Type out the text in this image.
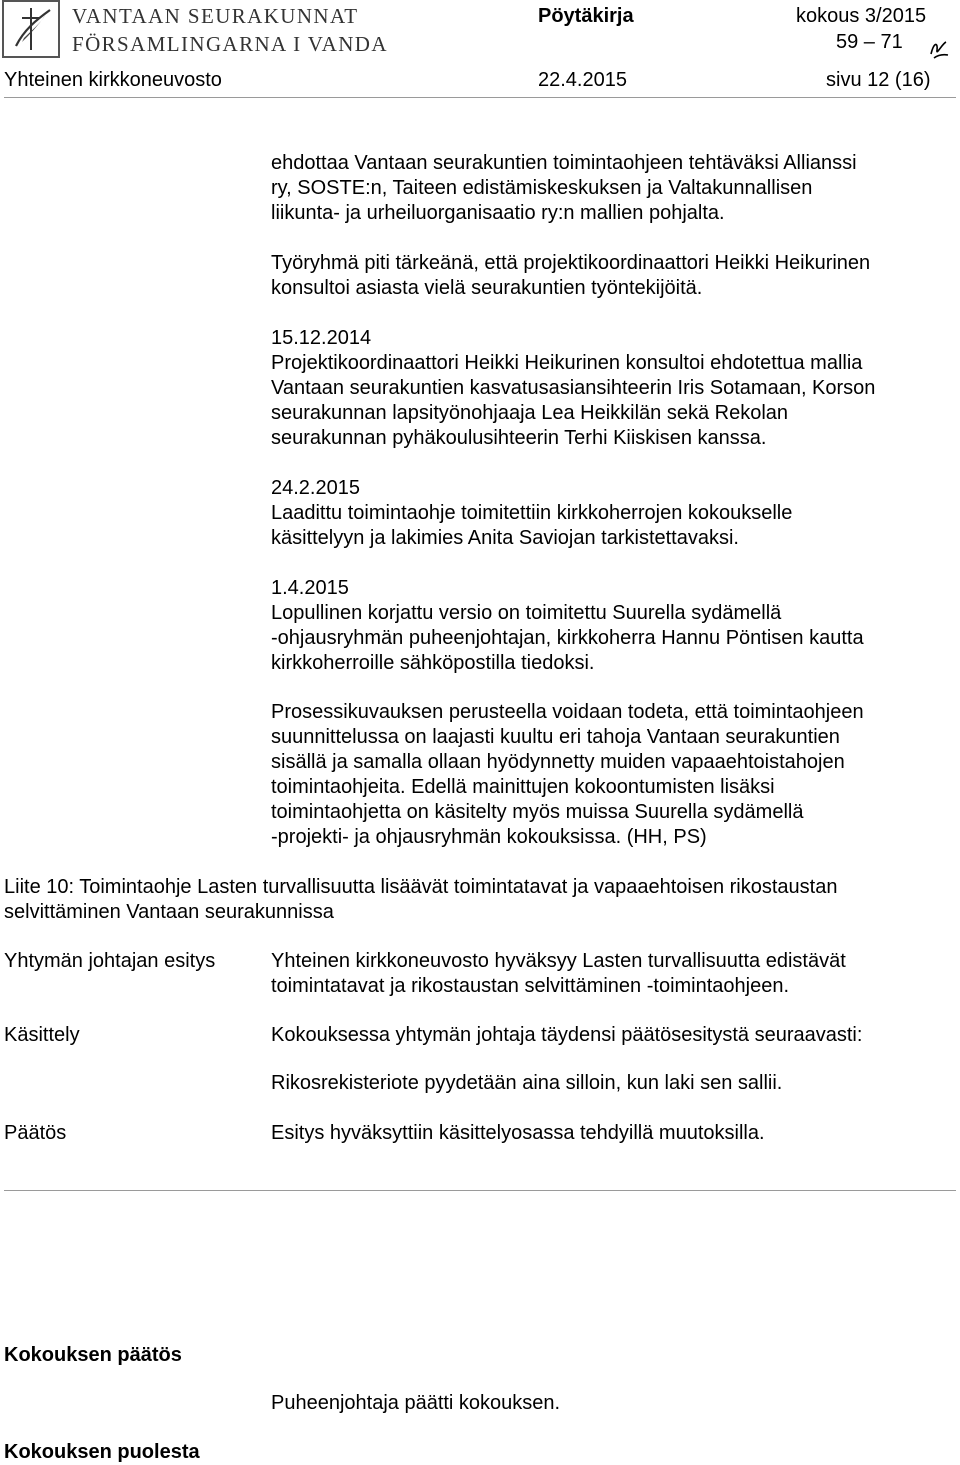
VANTAAN SEURAKUNNAT
FÖRSAMLINGARNA I VANDA
Pöytäkirja	kokous 3/2015
59 – 71
Yhteinen kirkkoneuvosto	22.4.2015	sivu 12 (16)

ehdottaa Vantaan seurakuntien toimintaohjeen tehtäväksi Allianssi

ry, SOSTE:n, Taiteen edistämiskeskuksen ja Valtakunnallisen

liikunta- ja urheiluorganisaatio ry:n mallien pohjalta.

Työryhmä piti tärkeänä, että projektikoordinaattori Heikki Heikurinen

konsultoi asiasta vielä seurakuntien työntekijöitä.

15.12.2014

Projektikoordinaattori Heikki Heikurinen konsultoi ehdotettua mallia

Vantaan seurakuntien kasvatusasiansihteerin Iris Sotamaan, Korson

seurakunnan lapsityönohjaaja Lea Heikkilän sekä Rekolan

seurakunnan pyhäkoulusihteerin Terhi Kiiskisen kanssa.

24.2.2015

Laadittu toimintaohje toimitettiin kirkkoherrojen kokoukselle

käsittelyyn ja lakimies Anita Saviojan tarkistettavaksi.

1.4.2015

Lopullinen korjattu versio on toimitettu Suurella sydämellä

-ohjausryhmän puheenjohtajan, kirkkoherra Hannu Pöntisen kautta

kirkkoherroille sähköpostilla tiedoksi.

Prosessikuvauksen perusteella voidaan todeta, että toimintaohjeen

suunnittelussa on laajasti kuultu eri tahoja Vantaan seurakuntien

sisällä ja samalla ollaan hyödynnetty muiden vapaaehtoistahojen

toimintaohjeita. Edellä mainittujen kokoontumisten lisäksi

toimintaohjetta on käsitelty myös muissa Suurella sydämellä

-projekti- ja ohjausryhmän kokouksissa. (HH, PS)

Liite 10: Toimintaohje Lasten turvallisuutta lisäävät toimintatavat ja vapaaehtoisen rikostaustan
selvittäminen Vantaan seurakunnissa
Yhtymän johtajan esitys	Yhteinen kirkkoneuvosto hyväksyy Lasten turvallisuutta edistävät

toimintatavat ja rikostaustan selvittäminen -toimintaohjeen.

Käsittely	Kokouksessa yhtymän johtaja täydensi päätösesitystä seuraavasti:
Rikosrekisteriote pyydetään aina silloin, kun laki sen sallii.
Päätös	Esitys hyväksyttiin käsittelyosassa tehdyillä muutoksilla.
Kokouksen päätös
Puheenjohtaja päätti kokouksen.
Kokouksen puolesta
